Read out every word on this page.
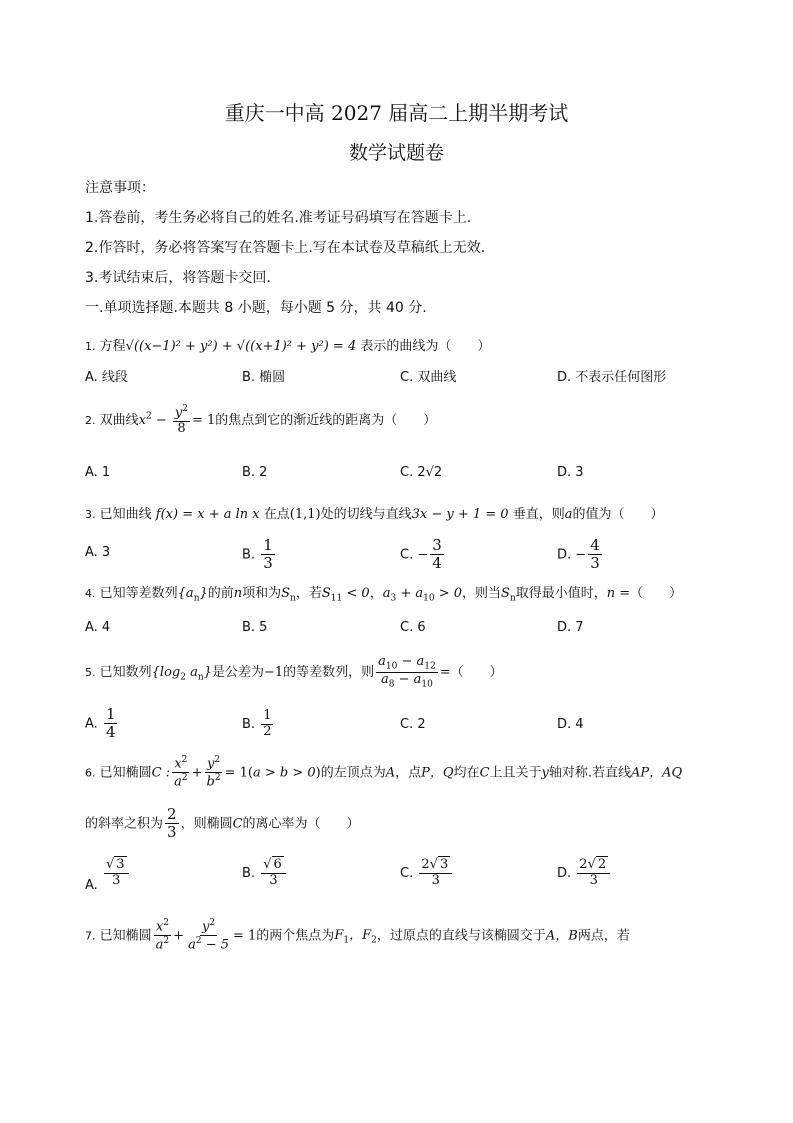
重庆一中高 2027 届高二上期半期考试
数学试题卷
注意事项：
1.答卷前，考生务必将自己的姓名.准考证号码填写在答题卡上.
2.作答时，务必将答案写在答题卡上.写在本试卷及草稿纸上无效.
3.考试结束后，将答题卡交回.
一.单项选择题.本题共 8 小题，每小题 5 分，共 40 分.
1. 方程√((x−1)² + y²) + √((x+1)² + y²) = 4 表示的曲线为（　　）
A. 线段	B. 椭圆	C. 双曲线	D. 不表示任何图形
2. 双曲线$x^2 - \frac{y^2}{8} = 1$的焦点到它的渐近线的距离为（　　）
A. 1	B. 2	C. 2√2	D. 3
3. 已知曲线 f(x) = x + a ln x 在点(1,1)处的切线与直线3x − y + 1 = 0 垂直，则a的值为（　　）
A. 3	B. $\frac{1}{3}$	C. − $\frac{3}{4}$	D. − $\frac{4}{3}$
4. 已知等差数列$\{a_n\}$的前n项和为$S_n$，若$S_{11} < 0$，$a_3 + a_{10} > 0$，则当$S_n$取得最小值时，n =（　　）
A. 4	B. 5	C. 6	D. 7
5. 已知数列{$\log_2$ $a_n$}是公差为−1的等差数列，则 $\frac{a_{10} - a_{12}}{a_8 - a_{10}}$ =（　　）
A. $\frac{1}{4}$	B. $\frac{1}{2}$	C. 2	D. 4
6. 已知椭圆C : $\frac{x^2}{a^2} + \frac{y^2}{b^2} = 1(a > b > 0)$的左顶点为A，点P，Q均在C上且关于y轴对称.若直线AP，AQ
的斜率之积为 $\frac{2}{3}$ ，则椭圆C的离心率为（　　）
A. $\frac{√ 3}{3}$	B. $\frac{√ 6}{3}$	C. $\frac{2√ 3}{3}$	D. $\frac{2√ 2}{3}$
7. 已知椭圆 $\frac{x^2}{a^2} + \frac{y^2}{a^2 - 5} = 1$的两个焦点为$F_1$，$F_2$，过原点的直线与该椭圆交于A，B两点，若
